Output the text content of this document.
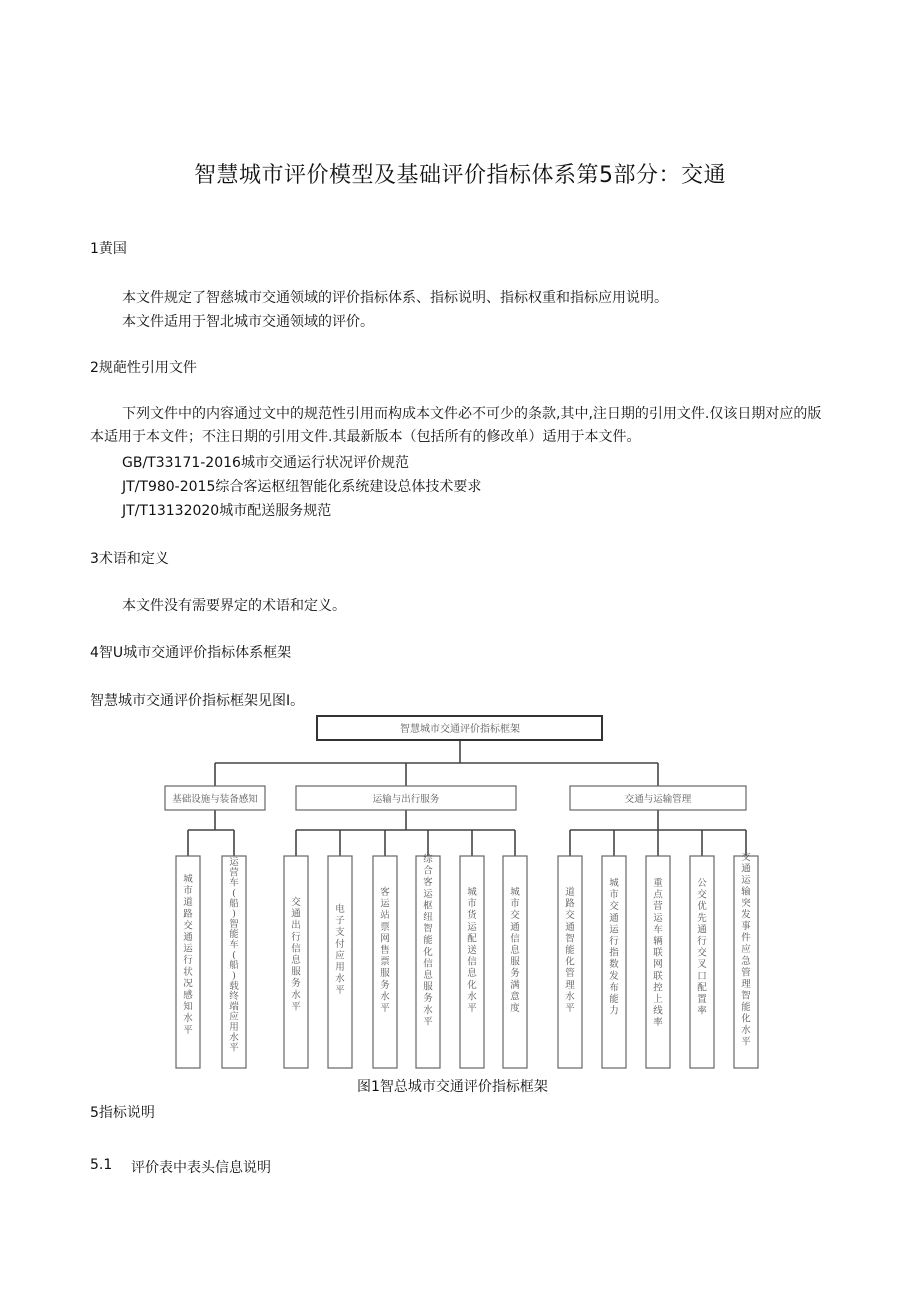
智慧城市评价模型及基础评价指标体系第5部分：交通
1黄国
本文件规定了智慈城市交通领域的评价指标体系、指标说明、指标权重和指标应用说明。
本文件适用于智北城市交通领域的评价。
2规葩性引用文件
下列文件中的内容通过文中的规范性引用而构成本文件必不可少的条款,其中,注日期的引用文件.仅该日期对应的版本适用于本文件；不注日期的引用文件.其最新版本（包括所有的修改单）适用于本文件。
GB/T33171-2016城市交通运行状况评价规范
JT/T980-2015综合客运枢纽智能化系统建设总体技术要求
JT/T13132020城市配送服务规范
3术语和定义
本文件没有需要界定的术语和定义。
4智U城市交通评价指标体系框架
智慧城市交通评价指标框架见图I。
智慧城市交通评价指标框架
基础设施与装备感知	运输与出行服务	交通与运输管理
城市道路交通运行状况感知水平
运营车(船)智能车(船)载终端应用水平
交通出行信息服务水平
电子支付应用水平
客运站票网售票服务水平
综合客运枢纽智能化信息服务水平
城市货运配送信息化水平
城市交通信息服务满意度
道路交通智能化管理水平
城市交通运行指数发布能力
重点营运车辆联网联控上线率
公交优先通行交叉口配置率
交通运输突发事件应急管理智能化水平
图1智总城市交通评价指标框架
5指标说明
5.1 评价表中表头信息说明
